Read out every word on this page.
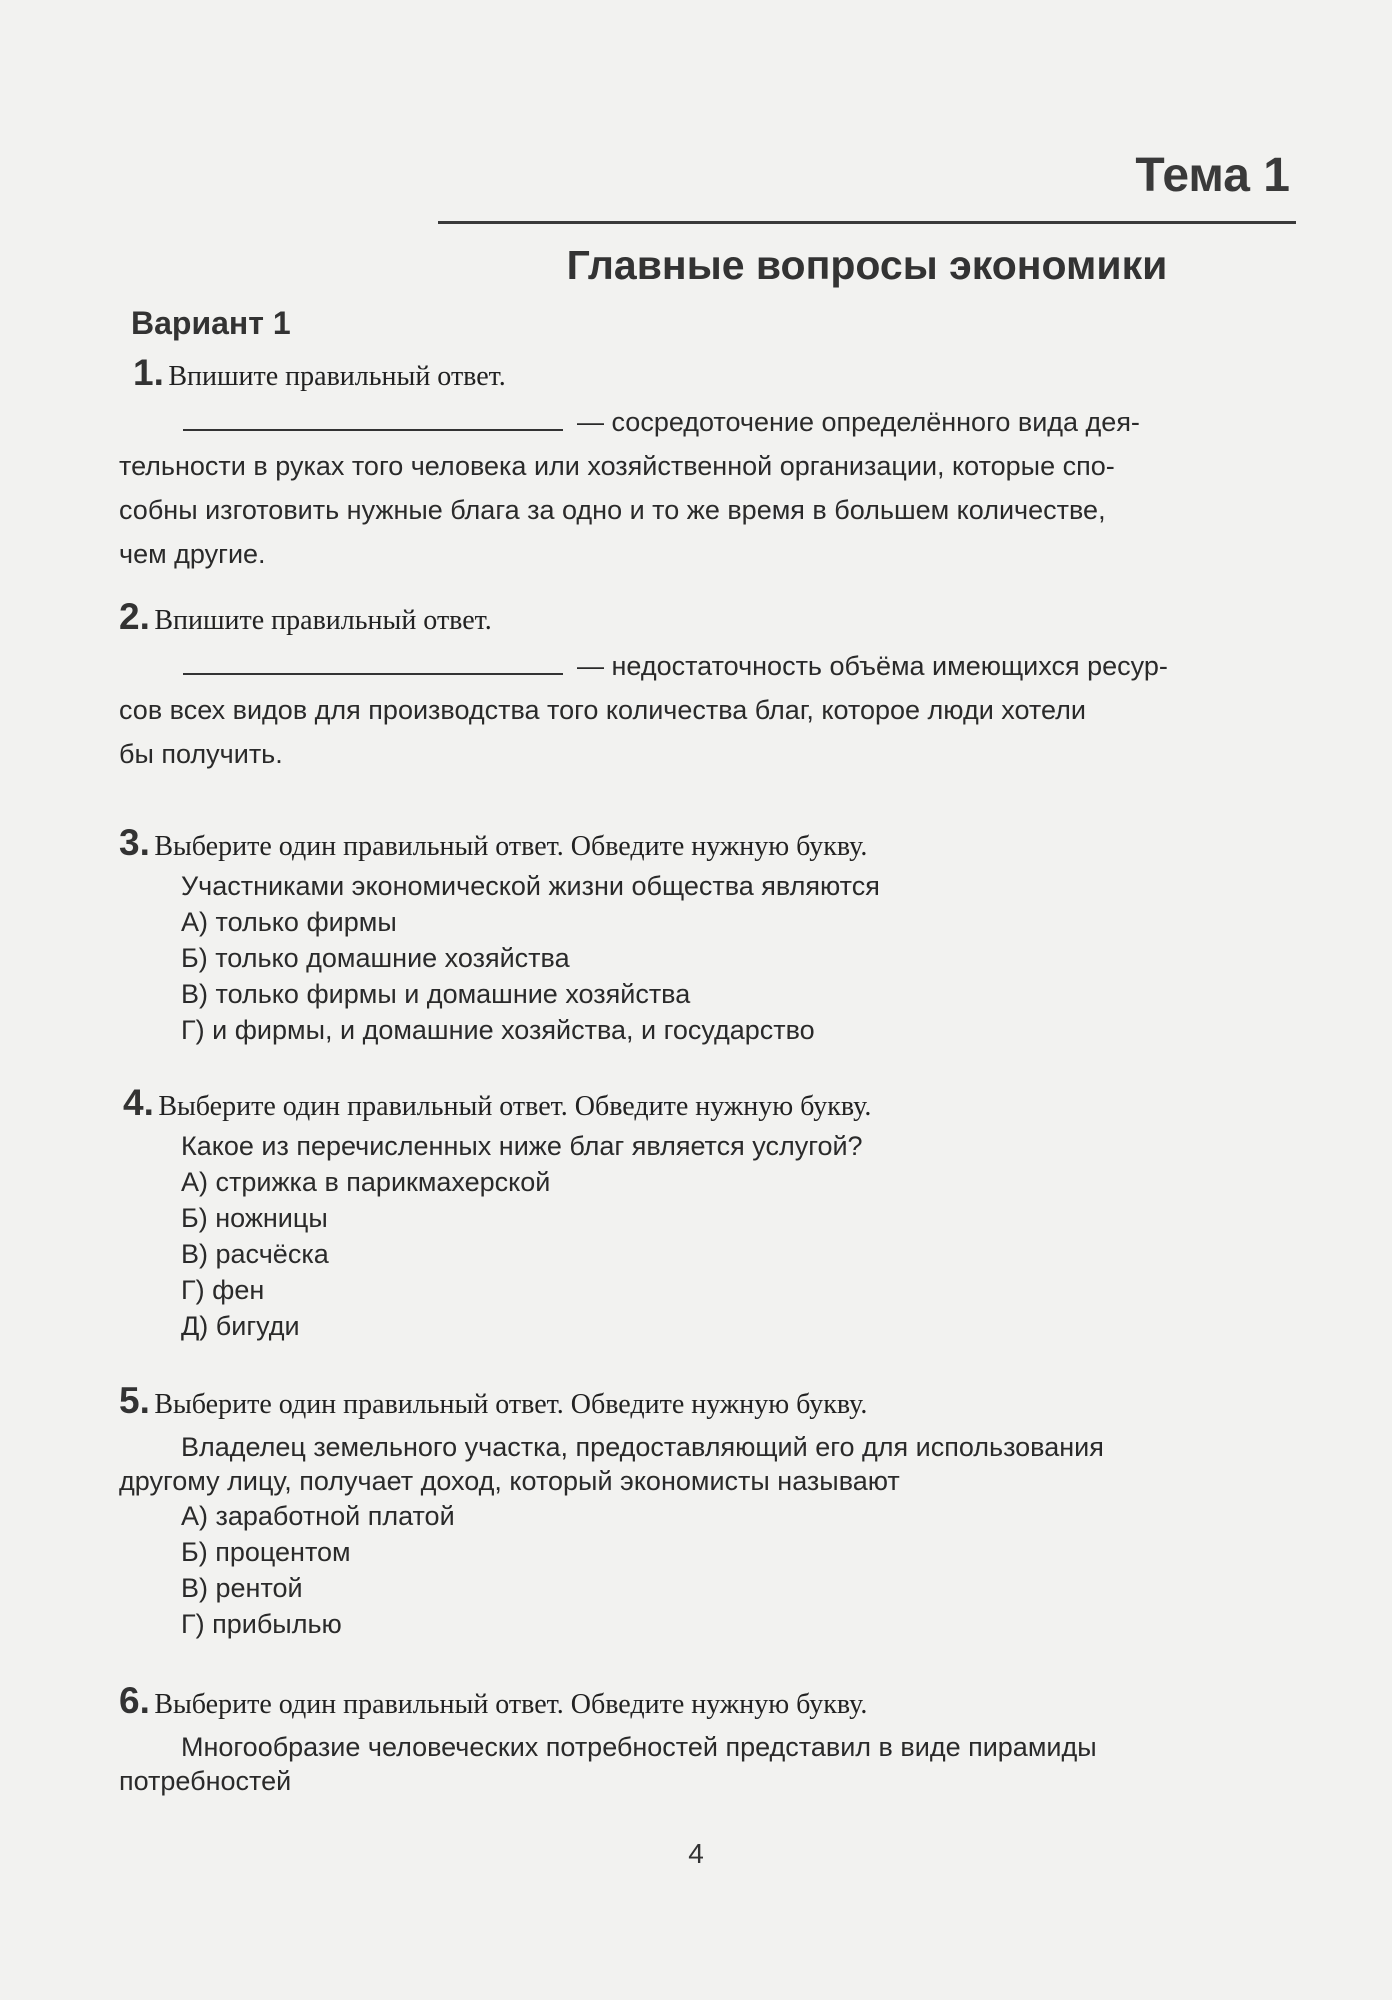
Тема 1
Главные вопросы экономики
Вариант 1
1. Впишите правильный ответ.

— сосредоточение определённого вида дея-

тельности в руках того человека или хозяйственной организации, которые спо-

собны изготовить нужные блага за одно и то же время в большем количестве,

чем другие.

2. Впишите правильный ответ.

— недостаточность объёма имеющихся ресур-

сов всех видов для производства того количества благ, которое люди хотели

бы получить.

3. Выберите один правильный ответ. Обведите нужную букву.
Участниками экономической жизни общества являются
А) только фирмы
Б) только домашние хозяйства
В) только фирмы и домашние хозяйства
Г) и фирмы, и домашние хозяйства, и государство
4. Выберите один правильный ответ. Обведите нужную букву.
Какое из перечисленных ниже благ является услугой?
А) стрижка в парикмахерской
Б) ножницы
В) расчёска
Г) фен
Д) бигуди
5. Выберите один правильный ответ. Обведите нужную букву.

Владелец земельного участка, предоставляющий его для использования

другому лицу, получает доход, который экономисты называют

А) заработной платой
Б) процентом
В) рентой
Г) прибылью
6. Выберите один правильный ответ. Обведите нужную букву.

Многообразие человеческих потребностей представил в виде пирамиды

потребностей

4
